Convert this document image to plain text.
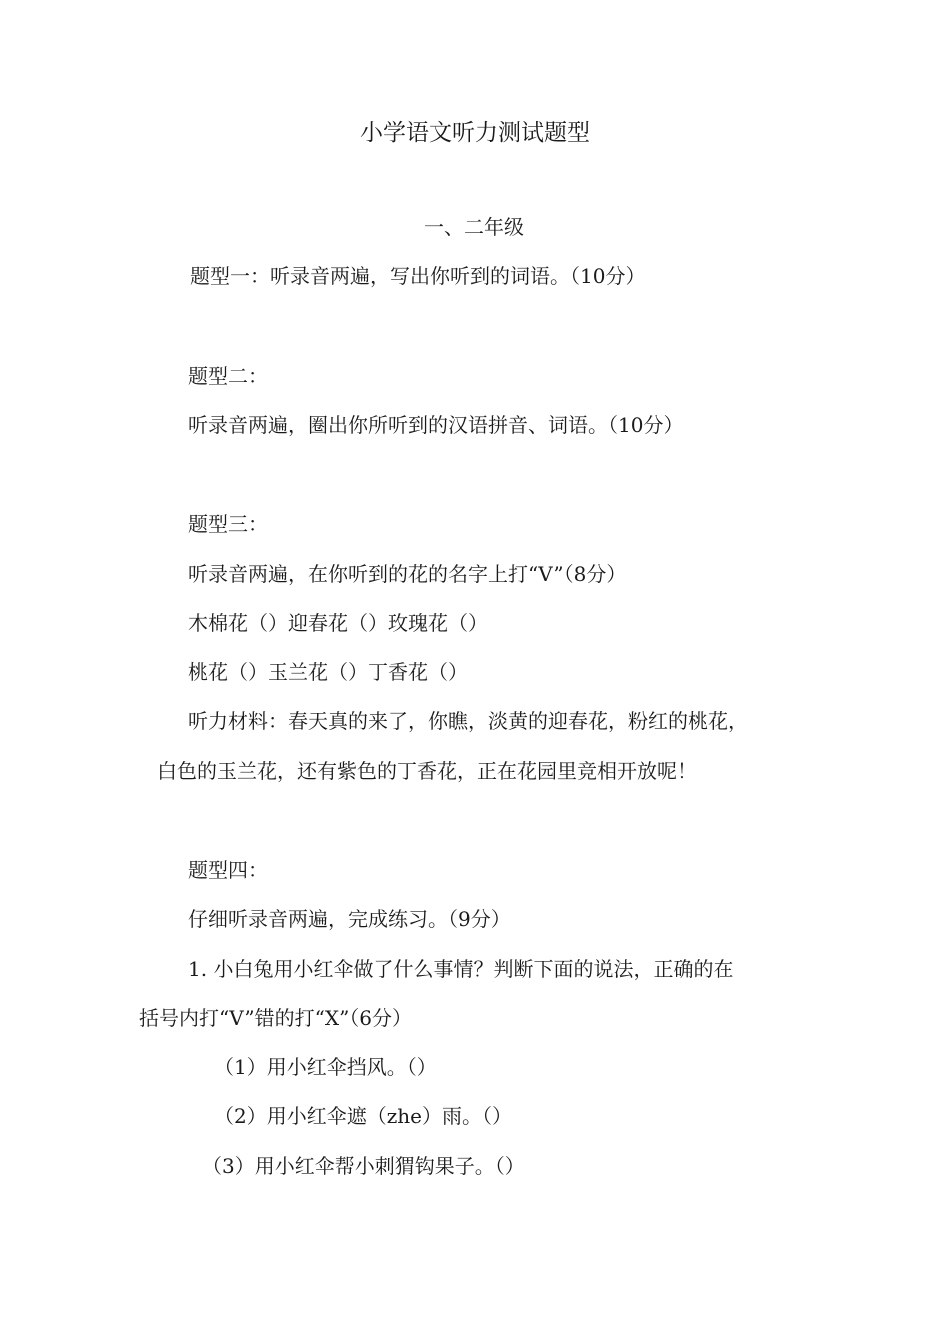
小学语文听力测试题型
一、二年级
题型一：听录音两遍，写出你听到的词语。（10分）
题型二：
听录音两遍，圈出你所听到的汉语拼音、词语。（10分）
题型三：
听录音两遍，在你听到的花的名字上打“V”（8分）
木棉花（）迎春花（）玫瑰花（）
桃花（）玉兰花（）丁香花（）
听力材料：春天真的来了，你瞧，淡黄的迎春花，粉红的桃花，
白色的玉兰花，还有紫色的丁香花，正在花园里竞相开放呢！
题型四：
仔细听录音两遍，完成练习。（9分）
1. 小白兔用小红伞做了什么事情？判断下面的说法，正确的在
括号内打“V”错的打“X”（6分）
（1）用小红伞挡风。（）
（2）用小红伞遮（zhe）雨。（）
（3）用小红伞帮小刺猬钩果子。（）
